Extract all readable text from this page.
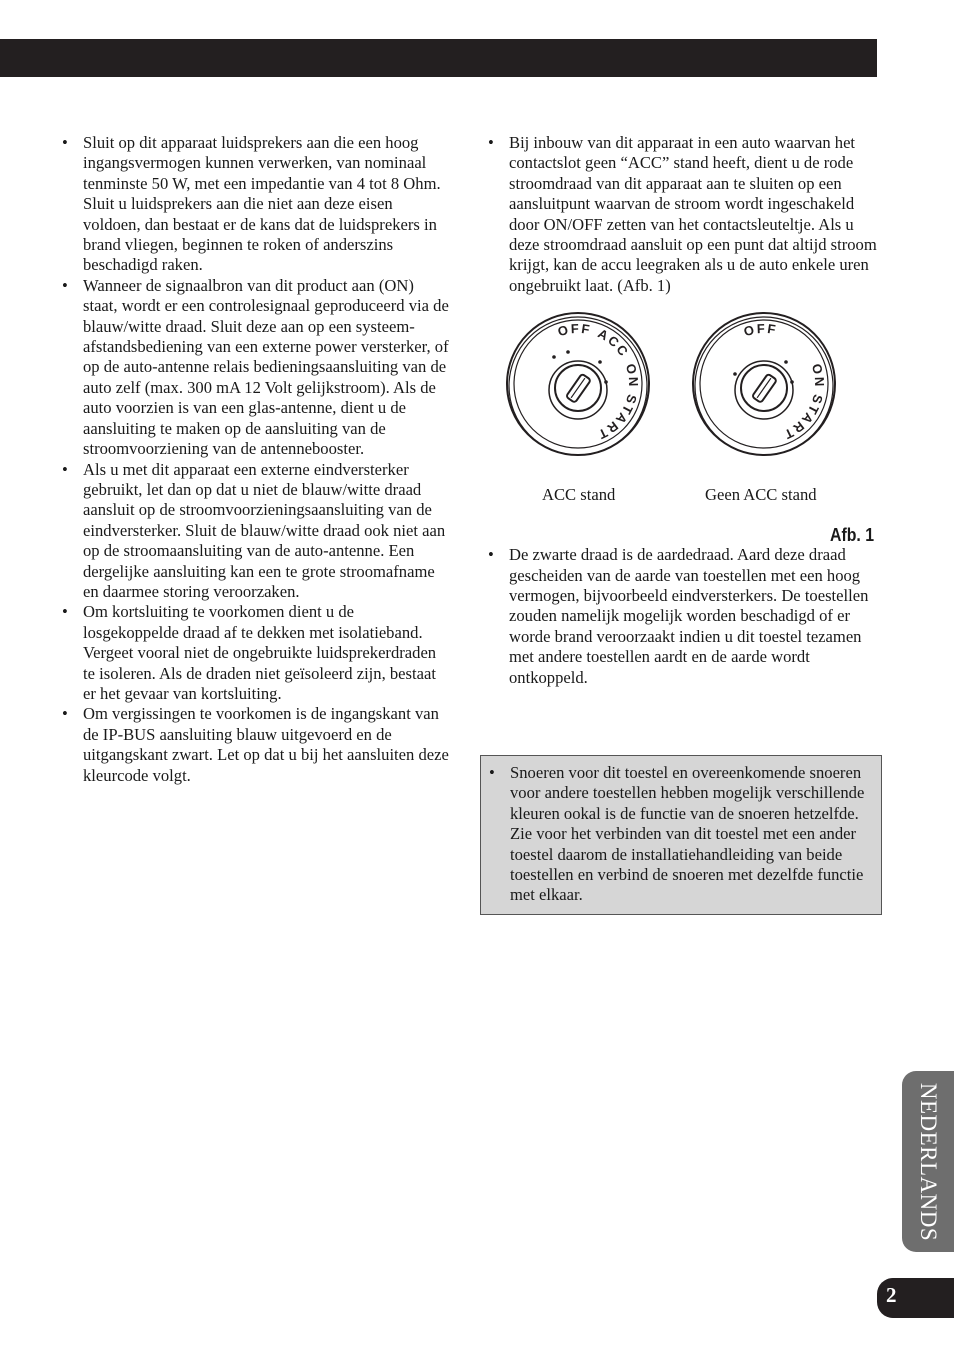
• Sluit op dit apparaat luidsprekers aan die een hoog ingangsvermogen kunnen verwerken, van nominaal tenminste 50 W, met een impedantie van 4 tot 8 Ohm. Sluit u luidsprekers aan die niet aan deze eisen voldoen, dan bestaat er de kans dat de luidsprekers in brand vliegen, beginnen te roken of anderszins beschadigd raken.
• Wanneer de signaalbron van dit product aan (ON) staat, wordt er een controlesignaal geproduceerd via de blauw/witte draad. Sluit deze aan op een systeem-afstandsbediening van een externe power versterker, of op de auto-antenne relais bedieningsaansluiting van de auto zelf (max. 300 mA 12 Volt gelijkstroom). Als de auto voorzien is van een glas-antenne, dient u de aansluiting te maken op de aansluiting van de stroomvoorziening van de antennebooster.
• Als u met dit apparaat een externe eindversterker gebruikt, let dan op dat u niet de blauw/witte draad aansluit op de stroomvoorzieningsaansluiting van de eindversterker. Sluit de blauw/witte draad ook niet aan op de stroomaansluiting van de auto-antenne. Een dergelijke aansluiting kan een te grote stroomafname en daarmee storing veroorzaken.
• Om kortsluiting te voorkomen dient u de losgekoppelde draad af te dekken met isolatieband. Vergeet vooral niet de ongebruikte luidsprekerdraden te isoleren. Als de draden niet geïsoleerd zijn, bestaat er het gevaar van kortsluiting.
• Om vergissingen te voorkomen is de ingangskant van de IP-BUS aansluiting blauw uitgevoerd en de uitgangskant zwart. Let op dat u bij het aansluiten deze kleurcode volgt.
• Bij inbouw van dit apparaat in een auto waarvan het contactslot geen “ACC” stand heeft, dient u de rode stroomdraad van dit apparaat aan te sluiten op een aansluitpunt waarvan de stroom wordt ingeschakeld door ON/OFF zetten van het contactsleuteltje. Als u deze stroomdraad aansluit op een punt dat altijd stroom krijgt, kan de accu leegraken als u de auto enkele uren ongebruikt laat. (Afb. 1)
OFF ACC
ON
START
OFF
ON
START
ACC stand	Geen ACC stand
Afb. 1
• De zwarte draad is de aardedraad. Aard deze draad gescheiden van de aarde van toestellen met een hoog vermogen, bijvoorbeeld eindversterkers. De toestellen zouden namelijk mogelijk worden beschadigd of er worde brand veroorzaakt indien u dit toestel tezamen met andere toestellen aardt en de aarde wordt ontkoppeld.
• Snoeren voor dit toestel en overeenkomende snoeren voor andere toestellen hebben mogelijk verschillende kleuren ookal is de functie van de snoeren hetzelfde. Zie voor het verbinden van dit toestel met een ander toestel daarom de installatiehandleiding van beide toestellen en verbind de snoeren met dezelfde functie met elkaar.
NEDERLANDS
2
